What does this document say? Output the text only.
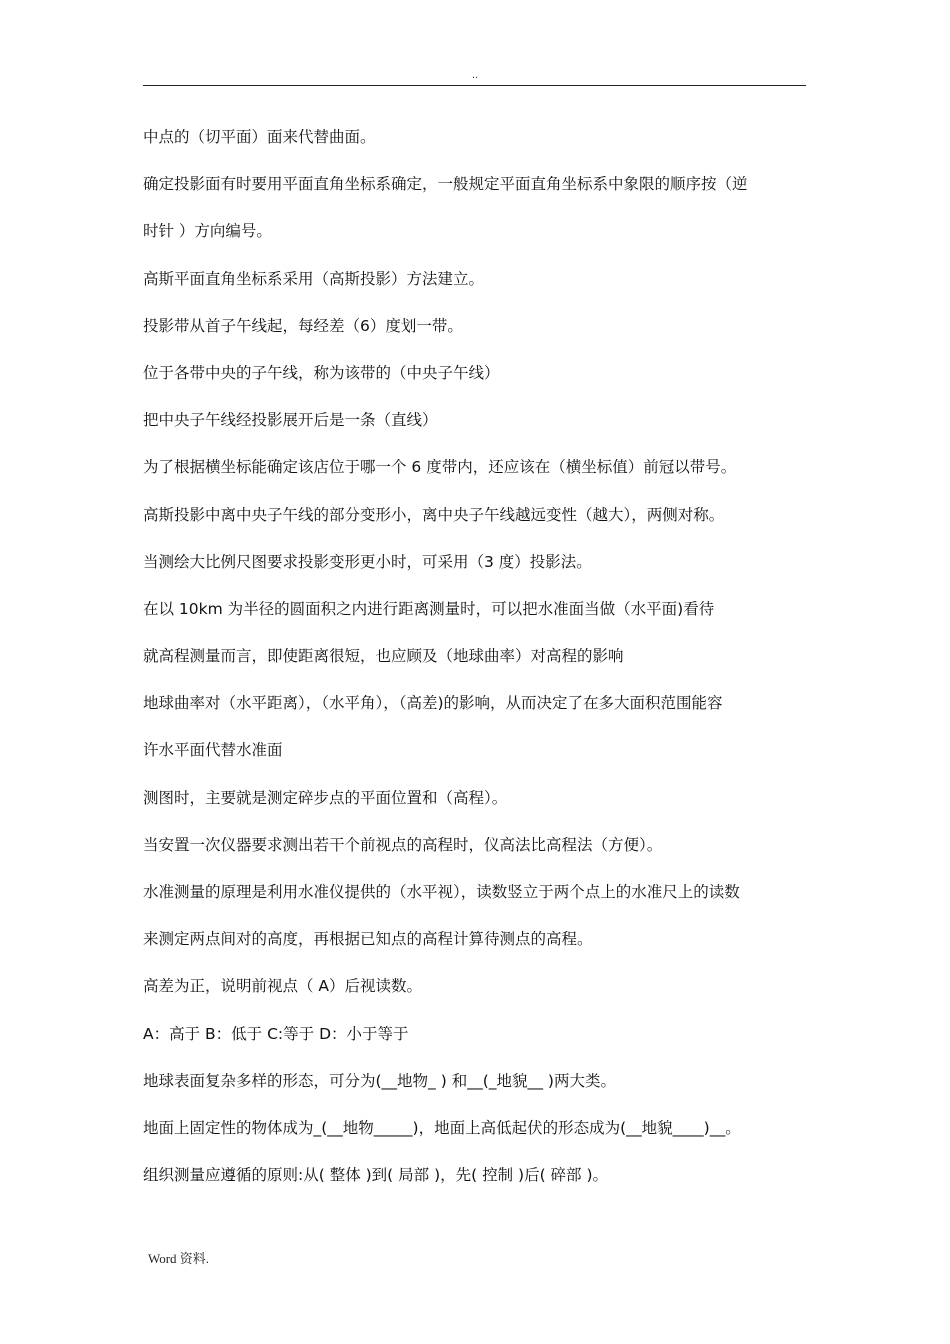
..
中点的（切平面）面来代替曲面。
确定投影面有时要用平面直角坐标系确定，一般规定平面直角坐标系中象限的顺序按（逆
时针 ）方向编号。
高斯平面直角坐标系采用（高斯投影）方法建立。
投影带从首子午线起，每经差（6）度划一带。
位于各带中央的子午线，称为该带的（中央子午线）
把中央子午线经投影展开后是一条（直线）
为了根据横坐标能确定该店位于哪一个 6 度带内，还应该在（横坐标值）前冠以带号。
高斯投影中离中央子午线的部分变形小，离中央子午线越远变性（越大），两侧对称。
当测绘大比例尺图要求投影变形更小时，可采用（3 度）投影法。
在以 10km 为半径的圆面积之内进行距离测量时，可以把水准面当做（水平面)看待
就高程测量而言，即使距离很短，也应顾及（地球曲率）对高程的影响
地球曲率对（水平距离），（水平角），（高差)的影响，从而决定了在多大面积范围能容
许水平面代替水准面
测图时，主要就是测定碎步点的平面位置和（高程）。
当安置一次仪器要求测出若干个前视点的高程时，仪高法比高程法（方便）。
水准测量的原理是利用水准仪提供的（水平视），读数竖立于两个点上的水准尺上的读数
来测定两点间对的高度，再根据已知点的高程计算待测点的高程。
高差为正，说明前视点（ A）后视读数。
A：高于 B：低于 C:等于 D：小于等于
地球表面复杂多样的形态，可分为(__地物_ ) 和__(_地貌__ )两大类。
地面上固定性的物体成为_(__地物_____)，地面上高低起伏的形态成为(__地貌____)__。
组织测量应遵循的原则:从( 整体 )到( 局部 )，先( 控制 )后( 碎部 )。
Word 资料.
